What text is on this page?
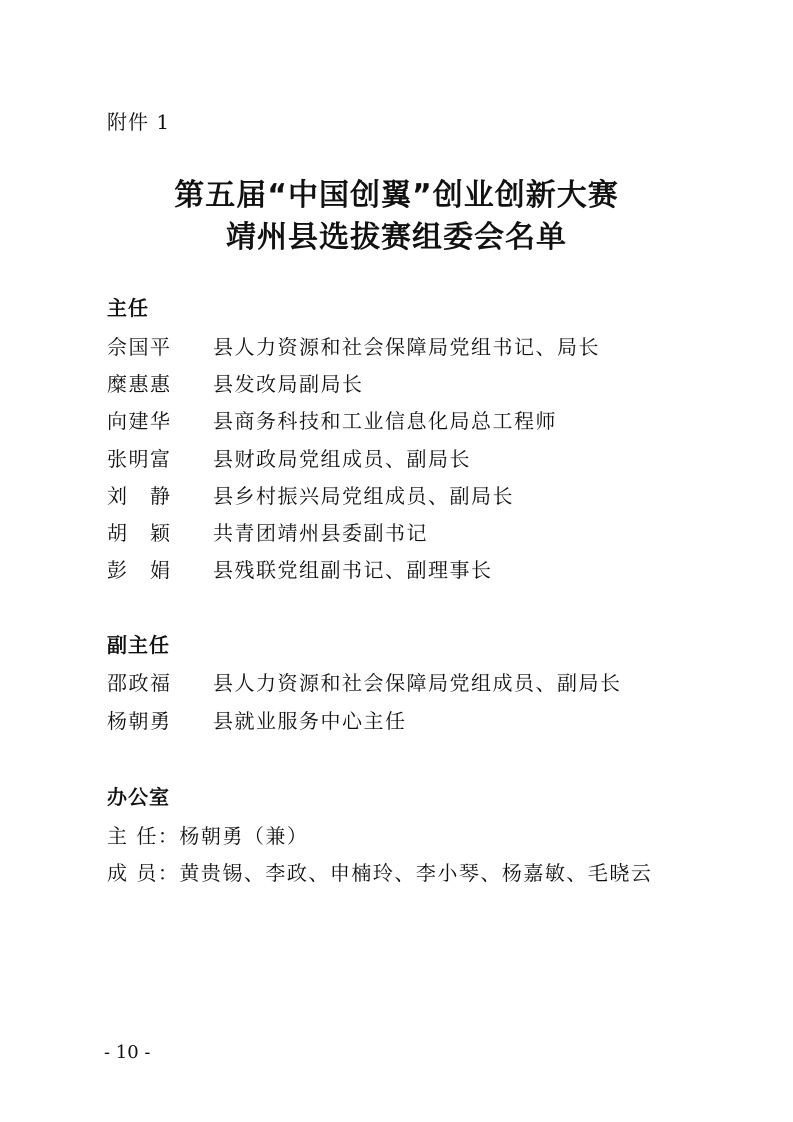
附件 1
第五届“中国创翼”创业创新大赛
靖州县选拔赛组委会名单
主任
佘国平 县人力资源和社会保障局党组书记、局长
糜惠惠 县发改局副局长
向建华 县商务科技和工业信息化局总工程师
张明富 县财政局党组成员、副局长
刘　静 县乡村振兴局党组成员、副局长
胡　颖 共青团靖州县委副书记
彭　娟 县残联党组副书记、副理事长
副主任
邵政福 县人力资源和社会保障局党组成员、副局长
杨朝勇 县就业服务中心主任
办公室
主 任：杨朝勇（兼）
成 员：黄贵锡、李政、申楠玲、李小琴、杨嘉敏、毛晓云
- 10 -
